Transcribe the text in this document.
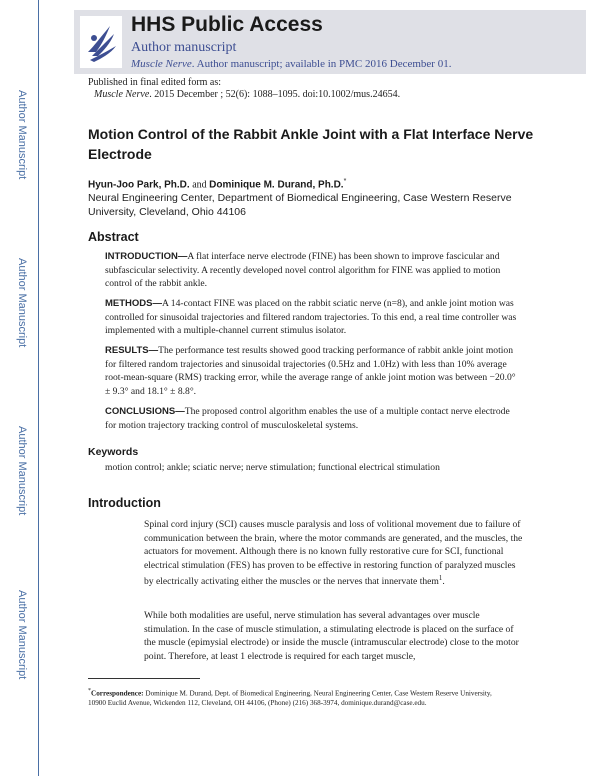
Author Manuscript
Author Manuscript
Author Manuscript
Author Manuscript
HHS Public Access
Author manuscript
Muscle Nerve. Author manuscript; available in PMC 2016 December 01.
Published in final edited form as:
Muscle Nerve. 2015 December ; 52(6): 1088–1095. doi:10.1002/mus.24654.
Motion Control of the Rabbit Ankle Joint with a Flat Interface Nerve Electrode
Hyun-Joo Park, Ph.D. and Dominique M. Durand, Ph.D.*
Neural Engineering Center, Department of Biomedical Engineering, Case Western Reserve University, Cleveland, Ohio 44106
Abstract
INTRODUCTION—A flat interface nerve electrode (FINE) has been shown to improve fascicular and subfascicular selectivity. A recently developed novel control algorithm for FINE was applied to motion control of the rabbit ankle.
METHODS—A 14-contact FINE was placed on the rabbit sciatic nerve (n=8), and ankle joint motion was controlled for sinusoidal trajectories and filtered random trajectories. To this end, a real time controller was implemented with a multiple-channel current stimulus isolator.
RESULTS—The performance test results showed good tracking performance of rabbit ankle joint motion for filtered random trajectories and sinusoidal trajectories (0.5Hz and 1.0Hz) with less than 10% average root-mean-square (RMS) tracking error, while the average range of ankle joint motion was between −20.0° ± 9.3° and 18.1° ± 8.8°.
CONCLUSIONS—The proposed control algorithm enables the use of a multiple contact nerve electrode for motion trajectory tracking control of musculoskeletal systems.
Keywords
motion control; ankle; sciatic nerve; nerve stimulation; functional electrical stimulation
Introduction
Spinal cord injury (SCI) causes muscle paralysis and loss of volitional movement due to failure of communication between the brain, where the motor commands are generated, and the muscles, the actuators for movement. Although there is no known fully restorative cure for SCI, functional electrical stimulation (FES) has proven to be effective in restoring function of paralyzed muscles by electrically activating either the muscles or the nerves that innervate them$^1$.
While both modalities are useful, nerve stimulation has several advantages over muscle stimulation. In the case of muscle stimulation, a stimulating electrode is placed on the surface of the muscle (epimysial electrode) or inside the muscle (intramuscular electrode) close to the motor point. Therefore, at least 1 electrode is required for each target muscle,
*Correspondence: Dominique M. Durand, Dept. of Biomedical Engineering, Neural Engineering Center, Case Western Reserve University, 10900 Euclid Avenue, Wickenden 112, Cleveland, OH 44106, (Phone) (216) 368-3974, dominique.durand@case.edu.
